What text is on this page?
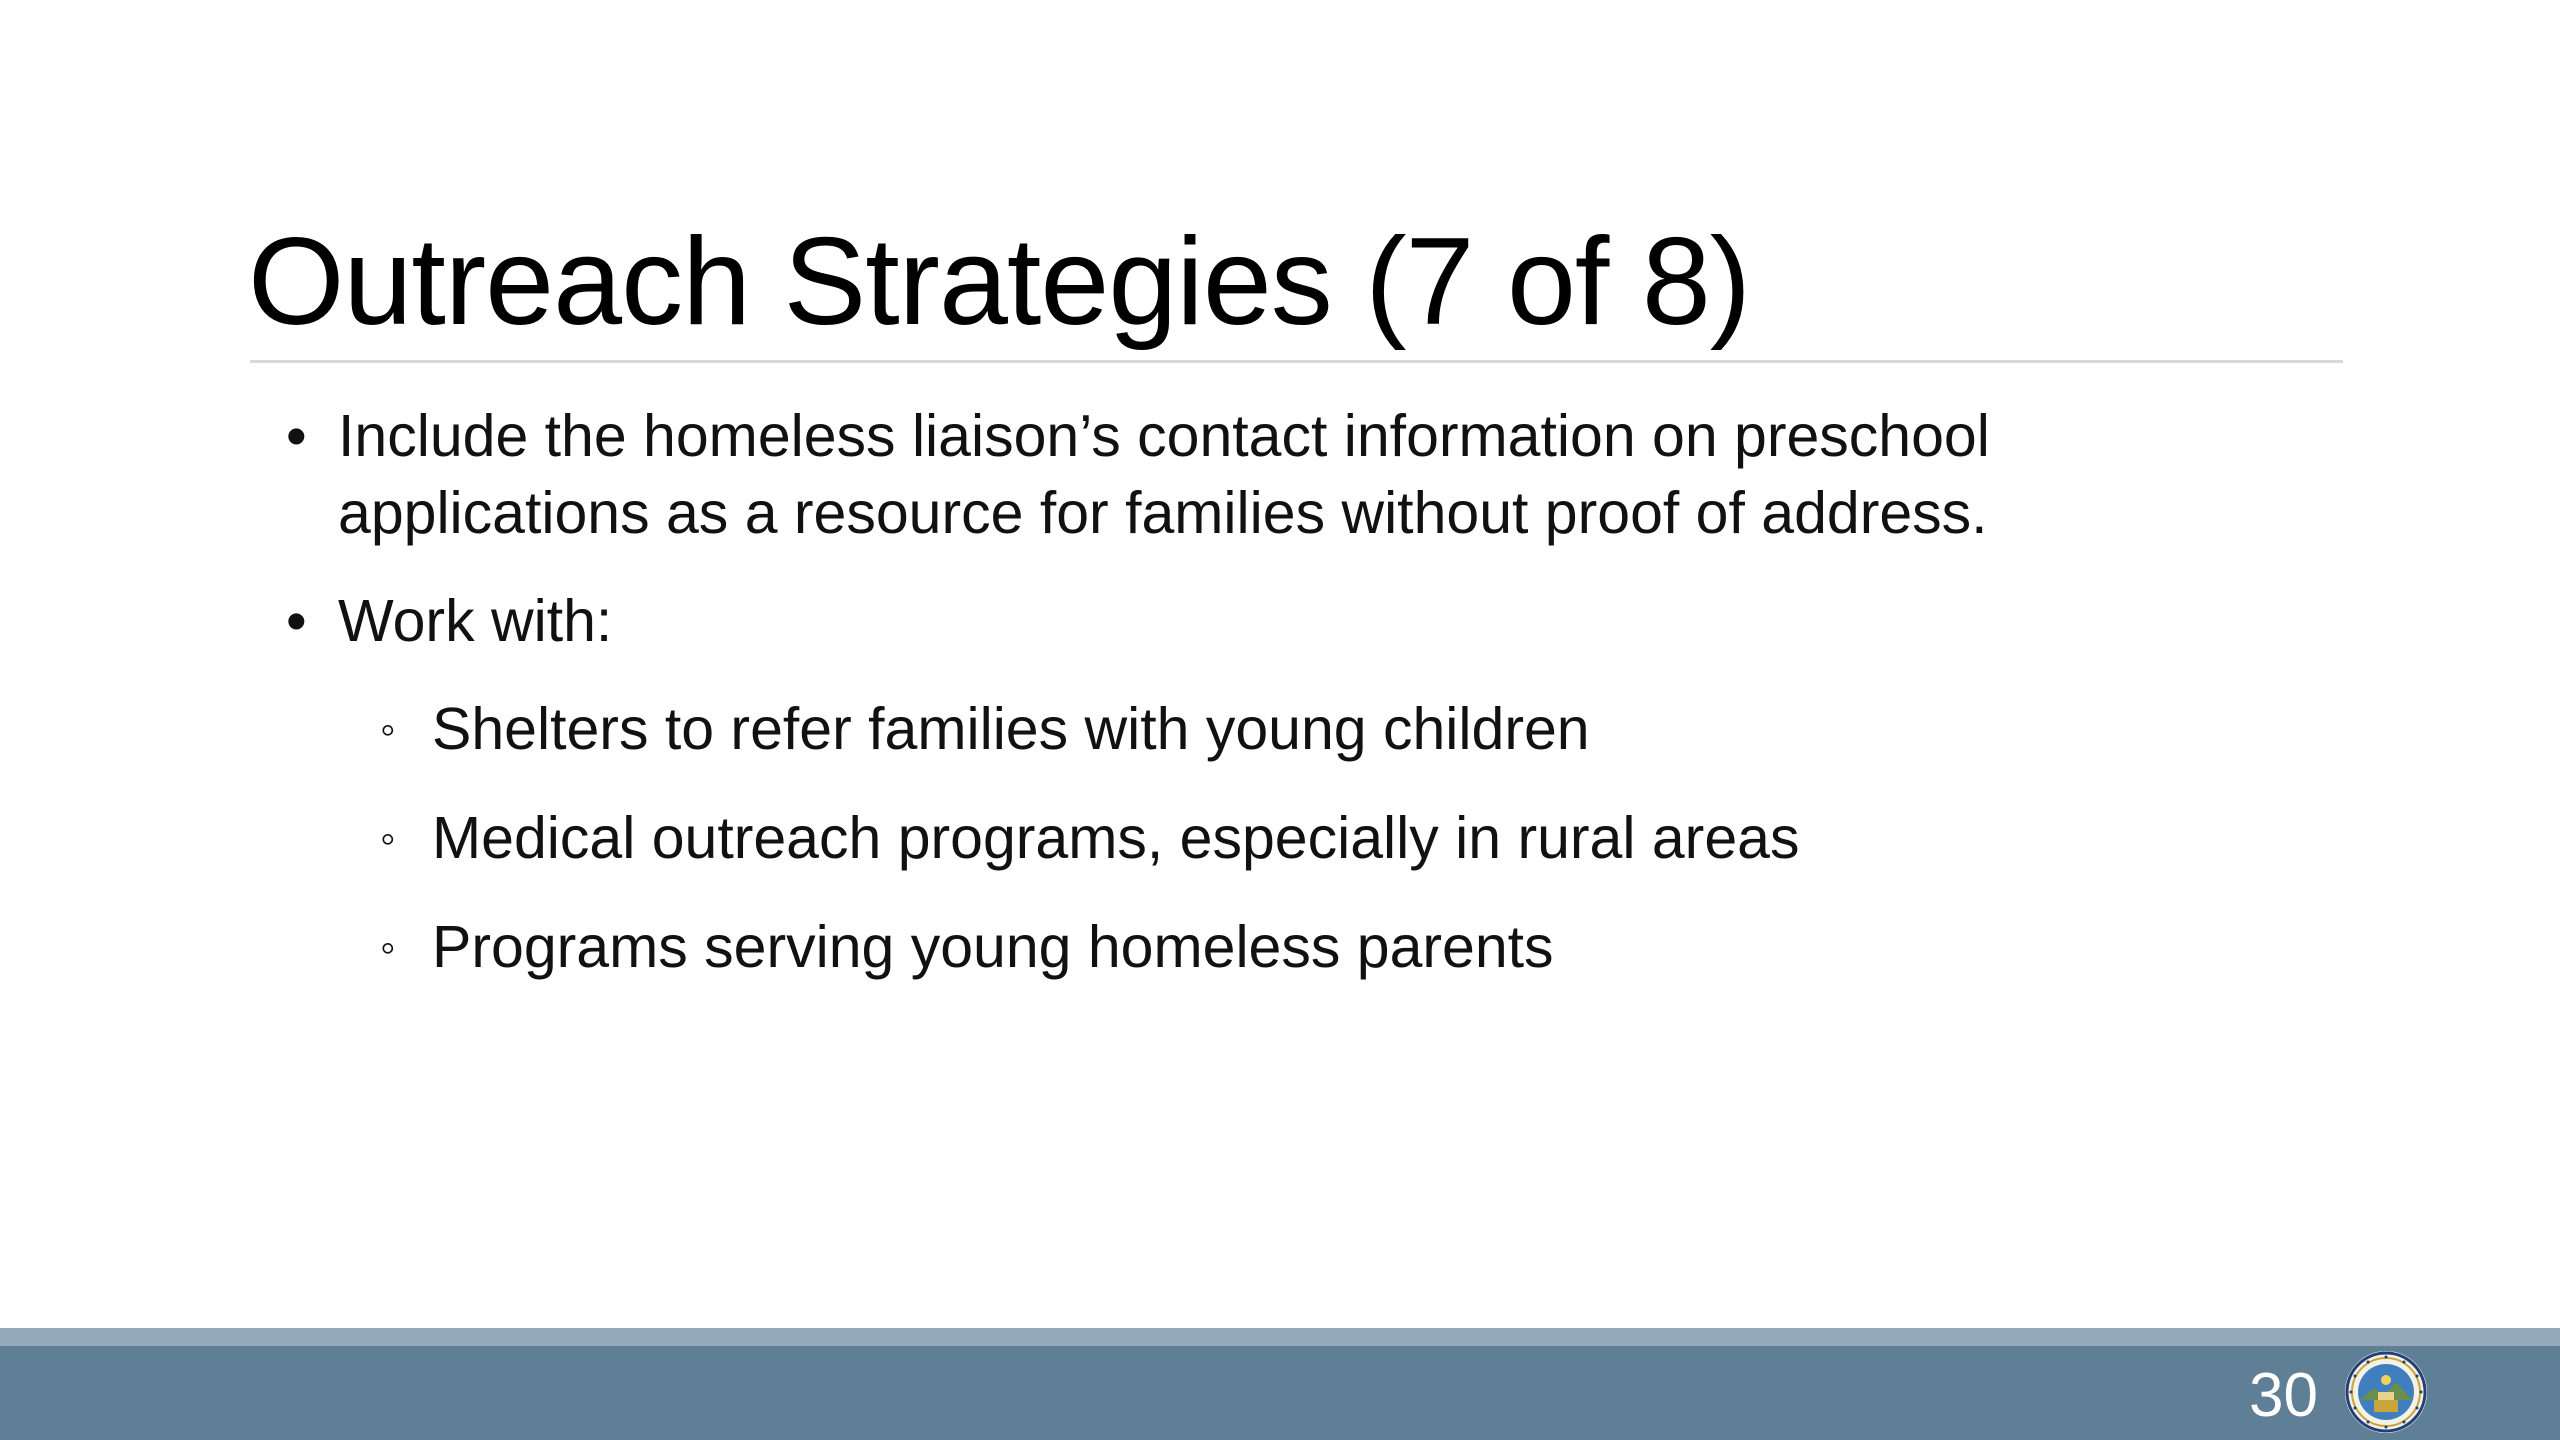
Outreach Strategies (7 of 8)
• Include the homeless liaison’s contact information on preschool applications as a resource for families without proof of address.
• Work with:
◦ Shelters to refer families with young children
◦ Medical outreach programs, especially in rural areas
◦ Programs serving young homeless parents
30
